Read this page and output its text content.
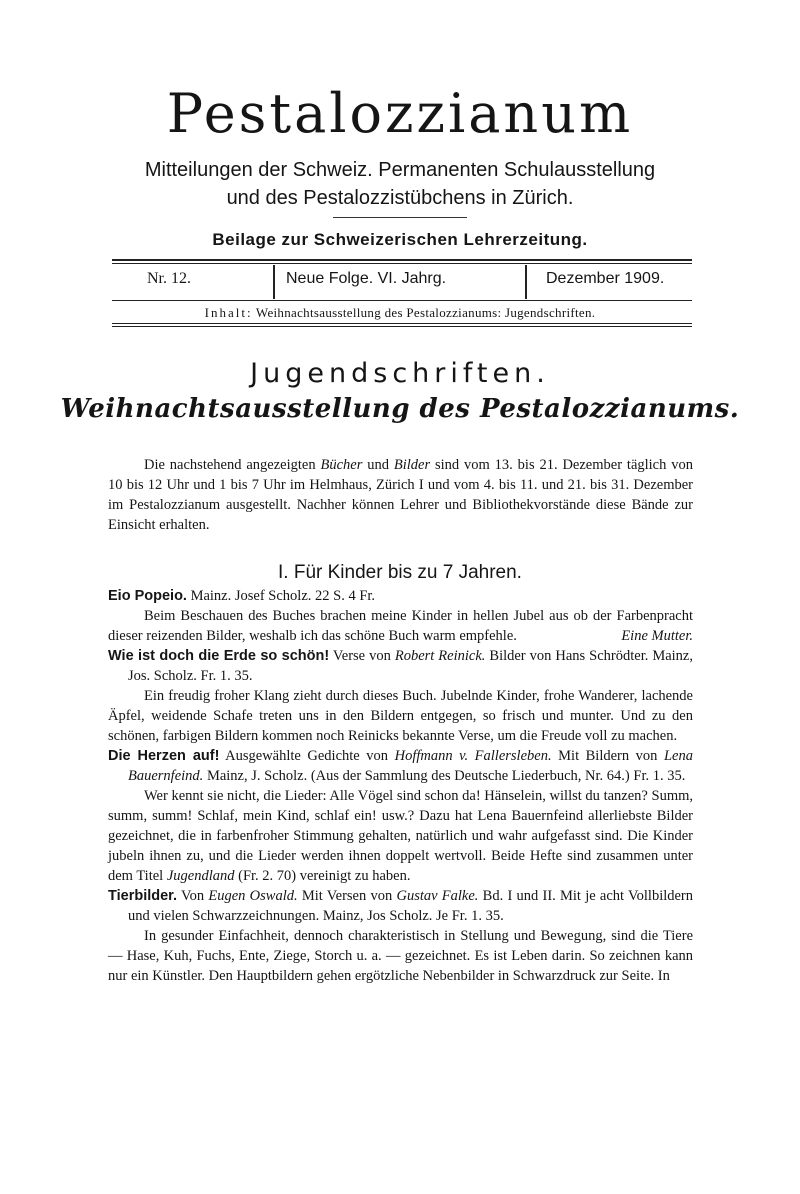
Pestalozzianum
Mitteilungen der Schweiz. Permanenten Schulausstellung
und des Pestalozzistübchens in Zürich.
Beilage zur Schweizerischen Lehrerzeitung.
Nr. 12.	Neue Folge. VI. Jahrg.	Dezember 1909.
Inhalt: Weihnachtsausstellung des Pestalozzianums: Jugendschriften.
Jugendschriften.
Weihnachtsausstellung des Pestalozzianums.
Die nachstehend angezeigten Bücher und Bilder sind vom 13. bis 21. Dezember täglich von 10 bis 12 Uhr und 1 bis 7 Uhr im Helmhaus, Zürich I und vom 4. bis 11. und 21. bis 31. Dezember im Pestalozzianum ausgestellt. Nachher können Lehrer und Bibliothekvorstände diese Bände zur Einsicht erhalten.
I. Für Kinder bis zu 7 Jahren.

Eio Popeio. Mainz. Josef Scholz. 22 S. 4 Fr.

Beim Beschauen des Buches brachen meine Kinder in hellen Jubel aus ob der Farbenpracht dieser reizenden Bilder, weshalb ich das schöne Buch warm empfehle.	Eine Mutter.

Wie ist doch die Erde so schön! Verse von Robert Reinick. Bilder von Hans Schrödter. Mainz, Jos. Scholz. Fr. 1. 35.

Ein freudig froher Klang zieht durch dieses Buch. Jubelnde Kinder, frohe Wanderer, lachende Äpfel, weidende Schafe treten uns in den Bildern entgegen, so frisch und munter. Und zu den schönen, farbigen Bildern kommen noch Reinicks bekannte Verse, um die Freude voll zu machen.

Die Herzen auf! Ausgewählte Gedichte von Hoffmann v. Fallersleben. Mit Bildern von Lena Bauernfeind. Mainz, J. Scholz. (Aus der Sammlung des Deutsche Liederbuch, Nr. 64.) Fr. 1. 35.

Wer kennt sie nicht, die Lieder: Alle Vögel sind schon da! Hänselein, willst du tanzen? Summ, summ, summ! Schlaf, mein Kind, schlaf ein! usw.? Dazu hat Lena Bauernfeind allerliebste Bilder gezeichnet, die in farbenfroher Stimmung gehalten, natürlich und wahr aufgefasst sind. Die Kinder jubeln ihnen zu, und die Lieder werden ihnen doppelt wertvoll. Beide Hefte sind zusammen unter dem Titel Jugendland (Fr. 2. 70) vereinigt zu haben.

Tierbilder. Von Eugen Oswald. Mit Versen von Gustav Falke. Bd. I und II. Mit je acht Vollbildern und vielen Schwarzzeichnungen. Mainz, Jos Scholz. Je Fr. 1. 35.

In gesunder Einfachheit, dennoch charakteristisch in Stellung und Bewegung, sind die Tiere — Hase, Kuh, Fuchs, Ente, Ziege, Storch u. a. — gezeichnet. Es ist Leben darin. So zeichnen kann nur ein Künstler. Den Hauptbildern gehen ergötzliche Nebenbilder in Schwarzdruck zur Seite. In
